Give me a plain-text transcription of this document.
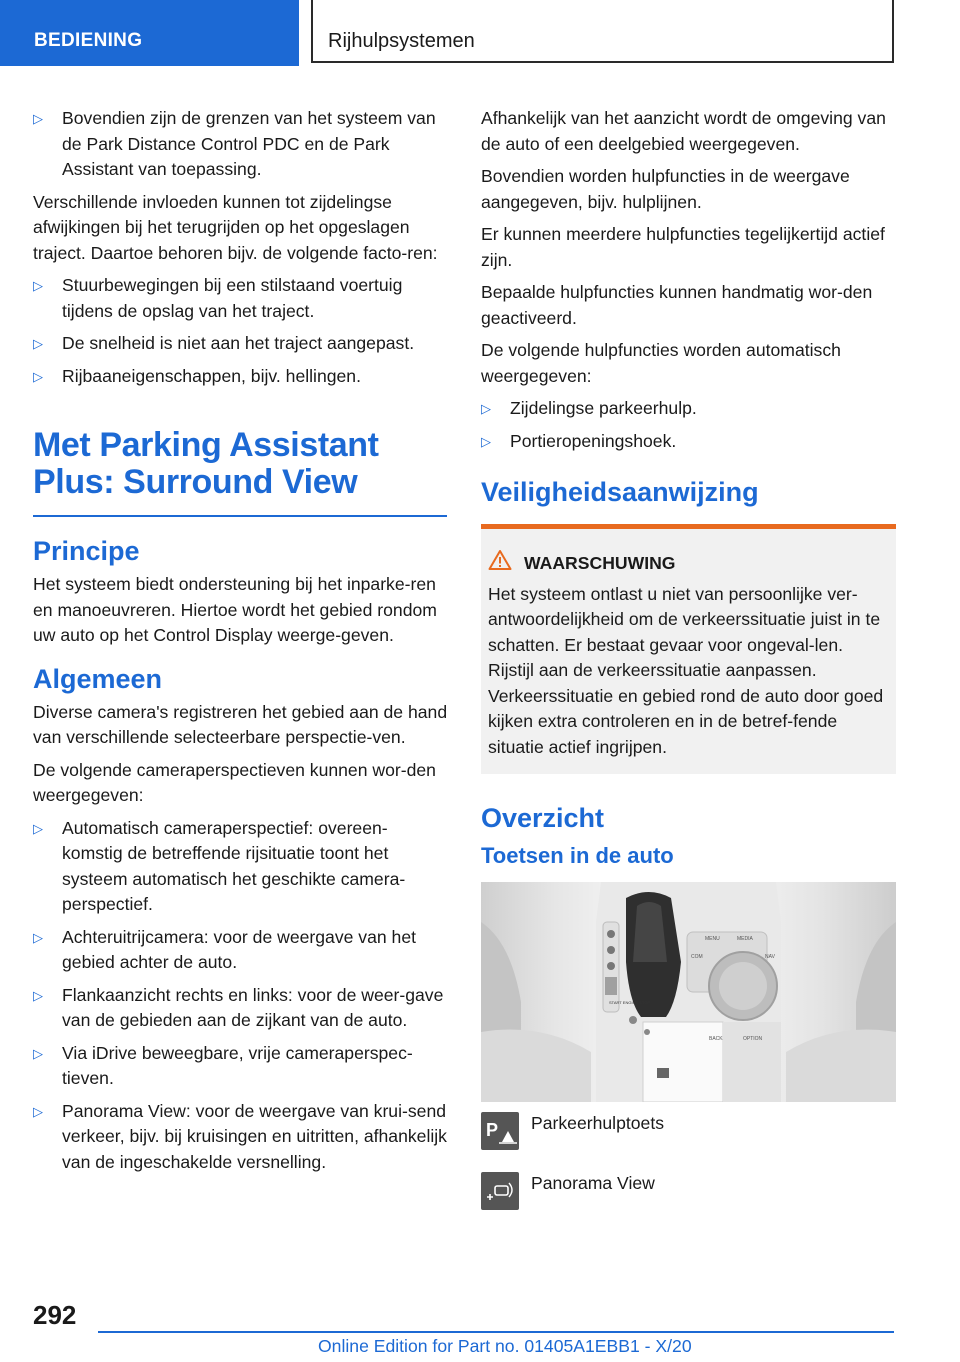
BEDIENING	Rijhulpsystemen
▷ Bovendien zijn de grenzen van het systeem van de Park Distance Control PDC en de Park Assistant van toepassing.

Verschillende invloeden kunnen tot zijdelingse afwijkingen bij het terugrijden op het opgeslagen traject. Daartoe behoren bijv. de volgende facto-ren:

▷ Stuurbewegingen bij een stilstaand voertuig tijdens de opslag van het traject.
▷ De snelheid is niet aan het traject aangepast.
▷ Rijbaaneigenschappen, bijv. hellingen.
Met Parking Assistant Plus: Surround View
Principe

Het systeem biedt ondersteuning bij het inparke-ren en manoeuvreren. Hiertoe wordt het gebied rondom uw auto op het Control Display weerge-geven.

Algemeen

Diverse camera's registreren het gebied aan de hand van verschillende selecteerbare perspectie-ven.

De volgende cameraperspectieven kunnen wor-den weergegeven:

▷ Automatisch cameraperspectief: overeen-komstig de betreffende rijsituatie toont het systeem automatisch het geschikte camera-perspectief.
▷ Achteruitrijcamera: voor de weergave van het gebied achter de auto.
▷ Flankaanzicht rechts en links: voor de weer-gave van de gebieden aan de zijkant van de auto.
▷ Via iDrive beweegbare, vrije cameraperspec-tieven.
▷ Panorama View: voor de weergave van krui-send verkeer, bijv. bij kruisingen en uitritten, afhankelijk van de ingeschakelde versnelling.

Afhankelijk van het aanzicht wordt de omgeving van de auto of een deelgebied weergegeven.

Bovendien worden hulpfuncties in de weergave aangegeven, bijv. hulplijnen.

Er kunnen meerdere hulpfuncties tegelijkertijd actief zijn.

Bepaalde hulpfuncties kunnen handmatig wor-den geactiveerd.

De volgende hulpfuncties worden automatisch weergegeven:

▷ Zijdelingse parkeerhulp.
▷ Portieropeningshoek.
Veiligheidsaanwijzing
WAARSCHUWING
Het systeem ontlast u niet van persoonlijke ver-antwoordelijkheid om de verkeerssituatie juist in te schatten. Er bestaat gevaar voor ongeval-len. Rijstijl aan de verkeerssituatie aanpassen. Verkeerssituatie en gebied rond de auto door goed kijken extra controleren en in de betref-fende situatie actief ingrijpen.
Overzicht
Toetsen in de auto
MENU
COM
MEDIA
NAV
BACK	OPTION
START ENGINE STOP
P Parkeerhulptoets
Panorama View
292
Online Edition for Part no. 01405A1EBB1 - X/20
